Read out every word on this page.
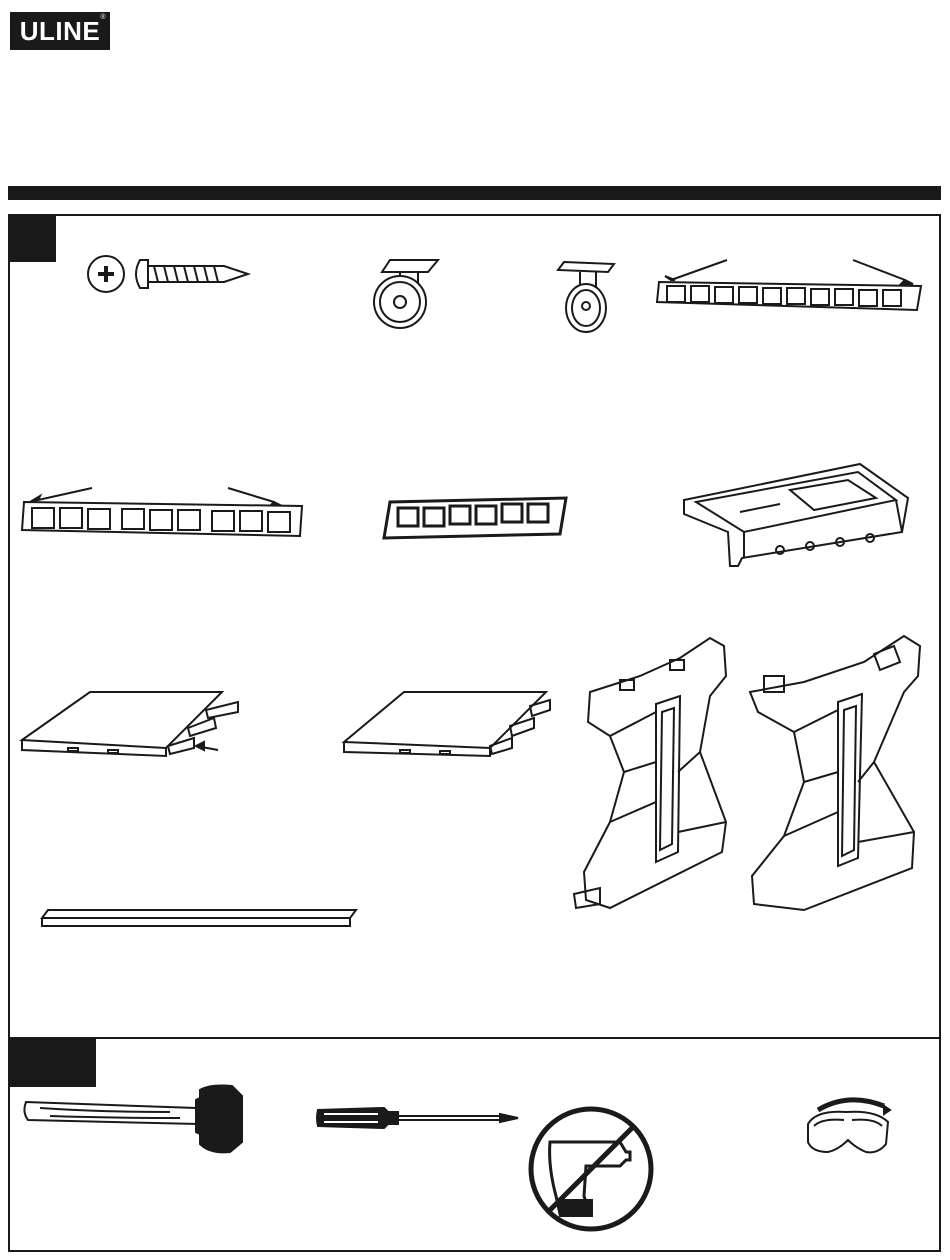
ULINE ®
